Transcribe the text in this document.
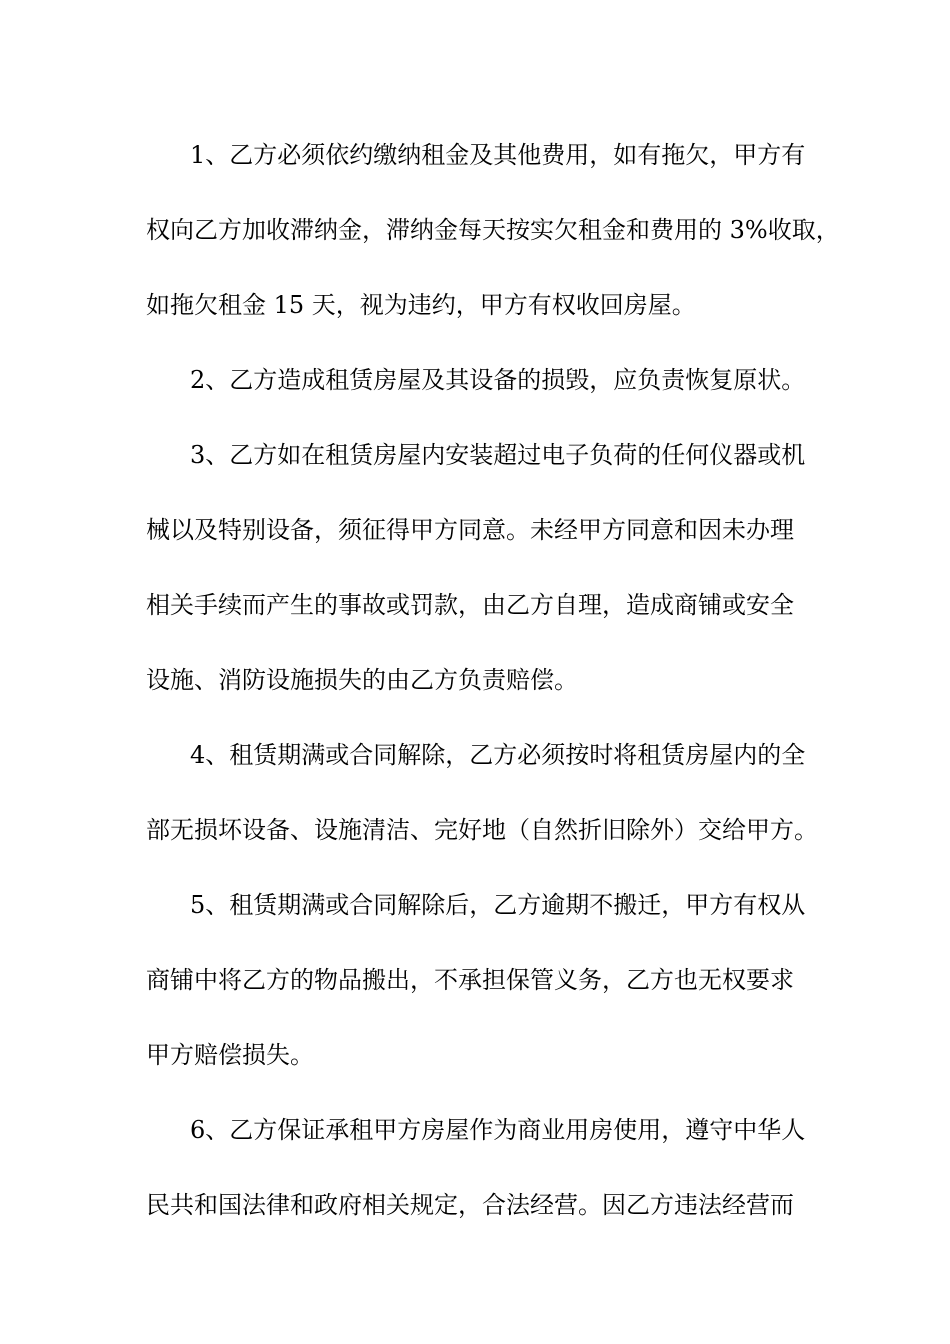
1、乙方必须依约缴纳租金及其他费用，如有拖欠，甲方有
权向乙方加收滞纳金，滞纳金每天按实欠租金和费用的 3%收取，
如拖欠租金 15 天，视为违约，甲方有权收回房屋。
2、乙方造成租赁房屋及其设备的损毁，应负责恢复原状。
3、乙方如在租赁房屋内安装超过电子负荷的任何仪器或机
械以及特别设备，须征得甲方同意。未经甲方同意和因未办理
相关手续而产生的事故或罚款，由乙方自理，造成商铺或安全
设施、消防设施损失的由乙方负责赔偿。
4、租赁期满或合同解除，乙方必须按时将租赁房屋内的全
部无损坏设备、设施清洁、完好地（自然折旧除外）交给甲方。
5、租赁期满或合同解除后，乙方逾期不搬迁，甲方有权从
商铺中将乙方的物品搬出，不承担保管义务，乙方也无权要求
甲方赔偿损失。
6、乙方保证承租甲方房屋作为商业用房使用，遵守中华人
民共和国法律和政府相关规定，合法经营。因乙方违法经营而
